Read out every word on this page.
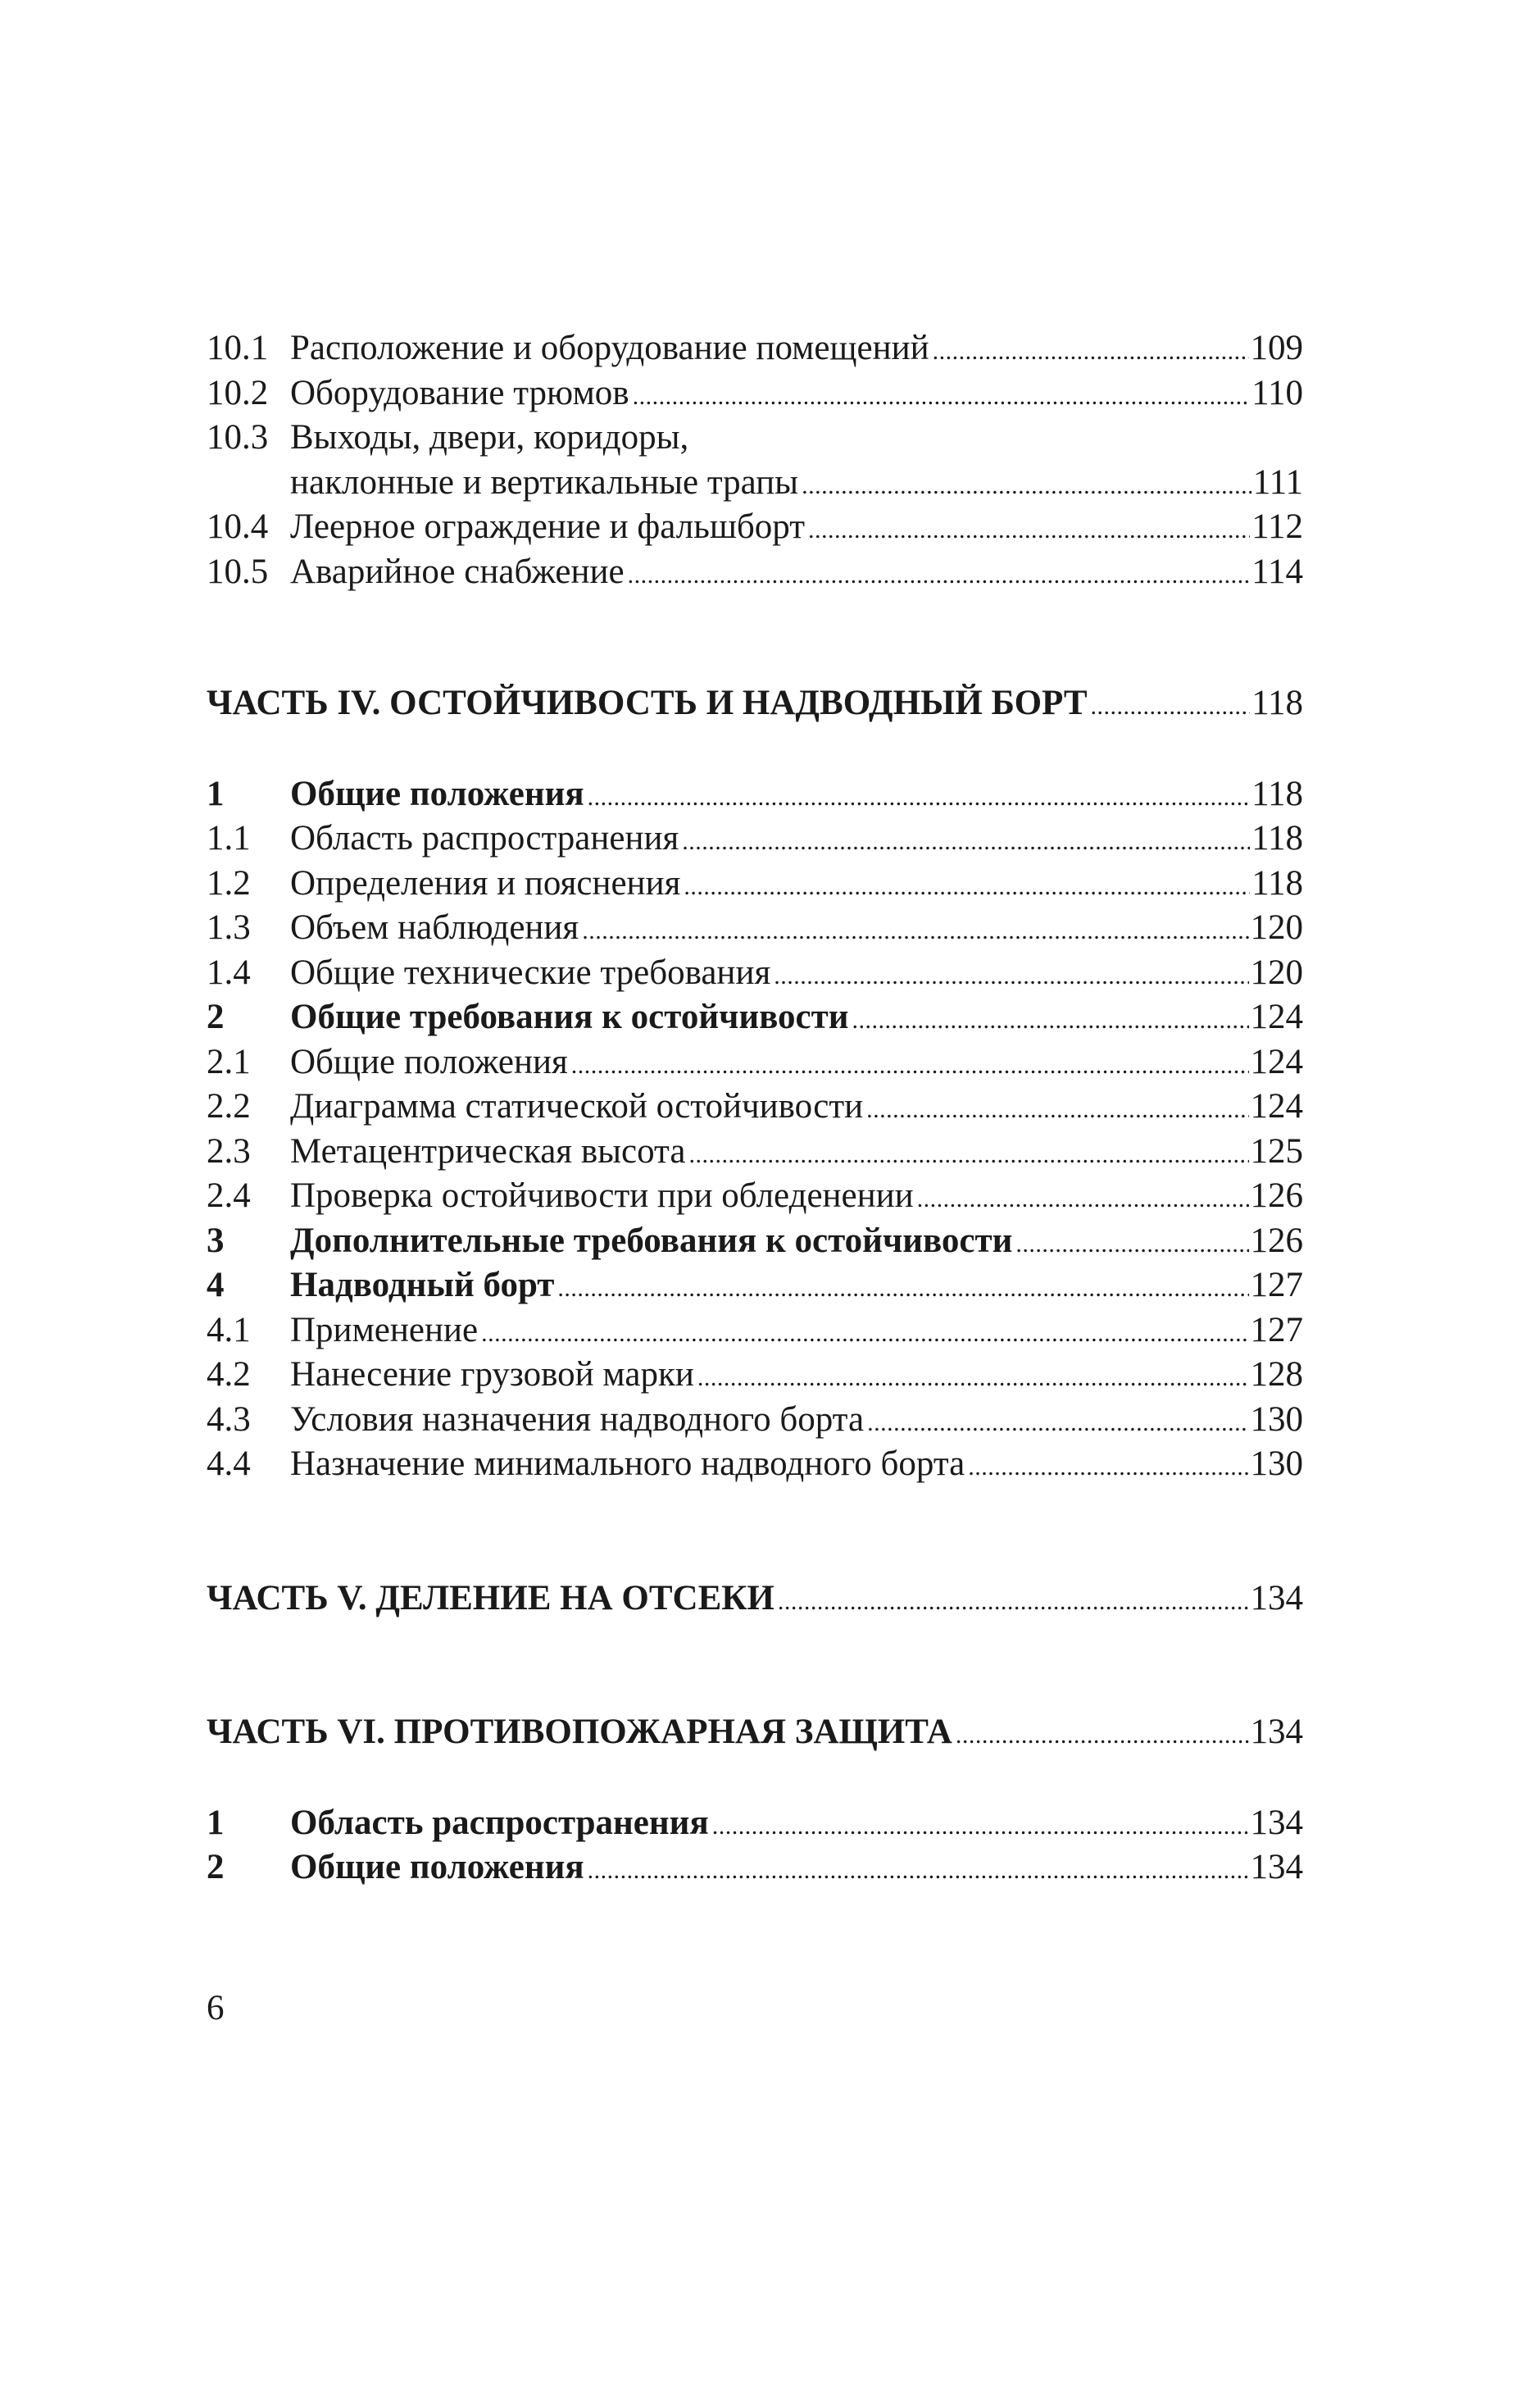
10.1 Расположение и оборудование помещений .....	109
10.2 Оборудование трюмов .....	110
10.3 Выходы, двери, коридоры,
наклонные и вертикальные трапы .....	111
10.4 Леерное ограждение и фальшборт .....	112
10.5 Аварийное снабжение .....	114
ЧАСТЬ IV. ОСТОЙЧИВОСТЬ И НАДВОДНЫЙ БОРТ .....	118
1	Общие положения .....	118
1.1	Область распространения .....	118
1.2	Определения и пояснения .....	118
1.3	Объем наблюдения .....	120
1.4	Общие технические требования .....	120
2	Общие требования к остойчивости .....	124
2.1	Общие положения .....	124
2.2	Диаграмма статической остойчивости .....	124
2.3	Метацентрическая высота .....	125
2.4	Проверка остойчивости при обледенении .....	126
3	Дополнительные требования к остойчивости .....	126
4	Надводный борт .....	127
4.1	Применение .....	127
4.2	Нанесение грузовой марки .....	128
4.3	Условия назначения надводного борта .....	130
4.4	Назначение минимального надводного борта .....	130
ЧАСТЬ V. ДЕЛЕНИЕ НА ОТСЕКИ .....	134
ЧАСТЬ VI. ПРОТИВОПОЖАРНАЯ ЗАЩИТА .....	134
1	Область распространения .....	134
2	Общие положения .....	134
6
